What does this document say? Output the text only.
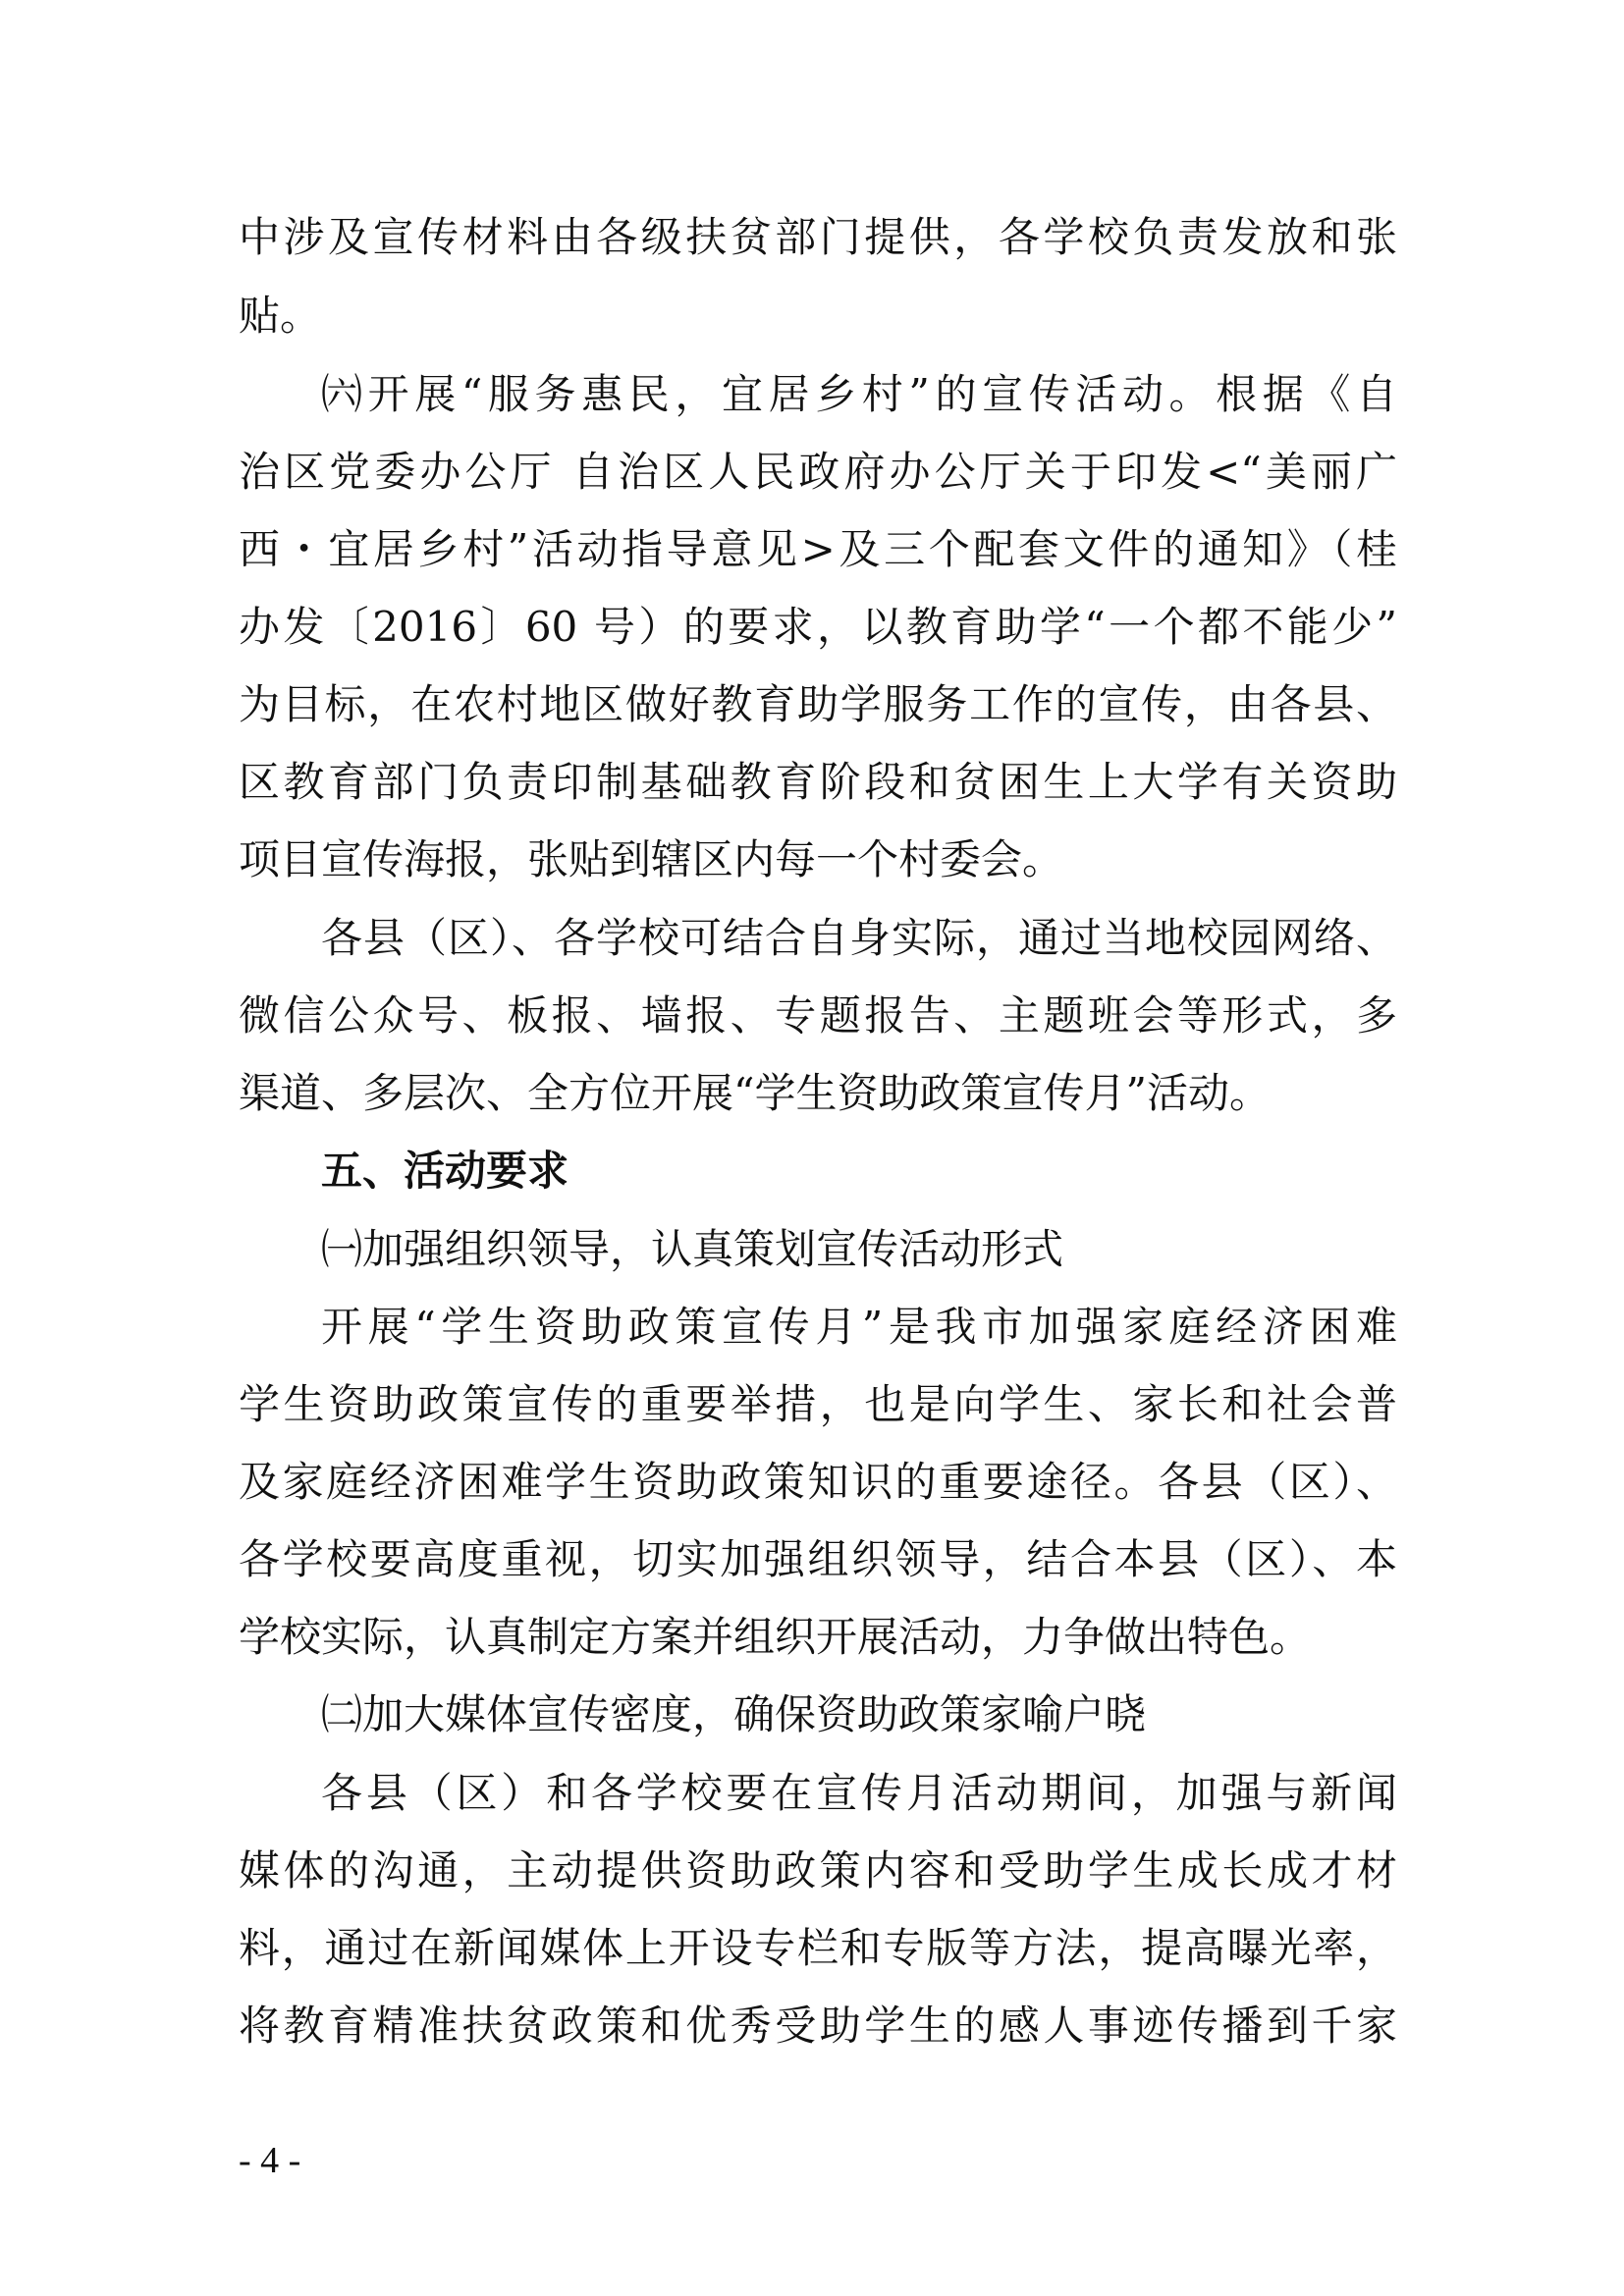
中涉及宣传材料由各级扶贫部门提供，各学校负责发放和张
贴。
㈥开展“服务惠民，宜居乡村”的宣传活动。根据《自
治区党委办公厅 自治区人民政府办公厅关于印发<“美丽广
西・宜居乡村”活动指导意见>及三个配套文件的通知》（桂
办发〔2016〕60 号）的要求，以教育助学“一个都不能少”
为目标，在农村地区做好教育助学服务工作的宣传，由各县、
区教育部门负责印制基础教育阶段和贫困生上大学有关资助
项目宣传海报，张贴到辖区内每一个村委会。
各县（区）、各学校可结合自身实际，通过当地校园网络、
微信公众号、板报、墙报、专题报告、主题班会等形式，多
渠道、多层次、全方位开展“学生资助政策宣传月”活动。
五、活动要求
㈠加强组织领导，认真策划宣传活动形式
开展“学生资助政策宣传月”是我市加强家庭经济困难
学生资助政策宣传的重要举措，也是向学生、家长和社会普
及家庭经济困难学生资助政策知识的重要途径。各县（区）、
各学校要高度重视，切实加强组织领导，结合本县（区）、本
学校实际，认真制定方案并组织开展活动，力争做出特色。
㈡加大媒体宣传密度，确保资助政策家喻户晓
各县（区）和各学校要在宣传月活动期间，加强与新闻
媒体的沟通，主动提供资助政策内容和受助学生成长成才材
料，通过在新闻媒体上开设专栏和专版等方法，提高曝光率，
将教育精准扶贫政策和优秀受助学生的感人事迹传播到千家
- 4 -
